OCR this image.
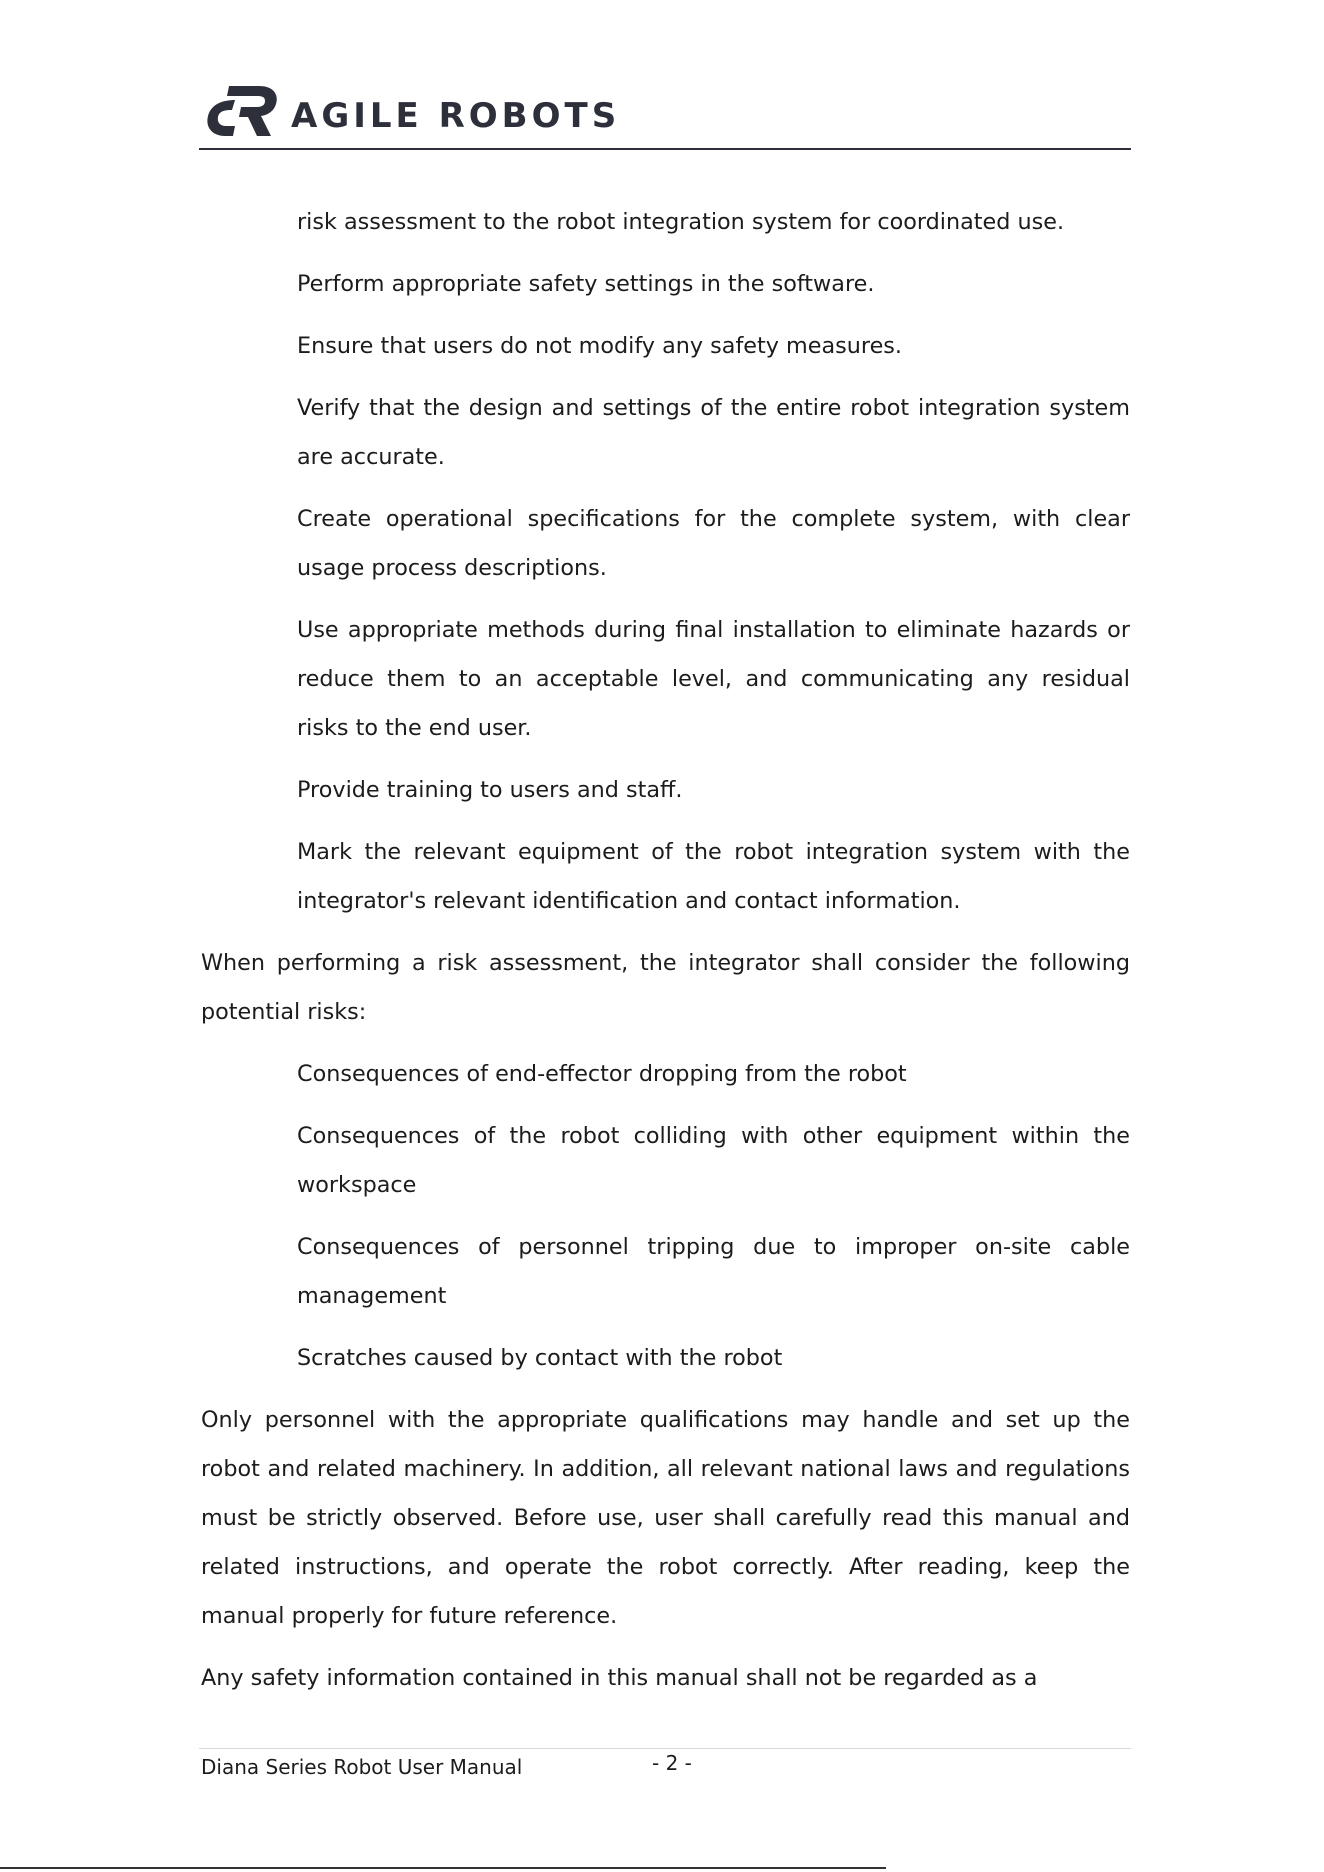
AGILE ROBOTS

risk assessment to the robot integration system for coordinated use.

Perform appropriate safety settings in the software.

Ensure that users do not modify any safety measures.

Verify that the design and settings of the entire robot integration system are accurate.

Create operational specifications for the complete system, with clear usage process descriptions.

Use appropriate methods during final installation to eliminate hazards or reduce them to an acceptable level, and communicating any residual risks to the end user.

Provide training to users and staff.

Mark the relevant equipment of the robot integration system with the integrator's relevant identification and contact information.

When performing a risk assessment, the integrator shall consider the following potential risks:

Consequences of end-effector dropping from the robot

Consequences of the robot colliding with other equipment within the workspace

Consequences of personnel tripping due to improper on-site cable management

Scratches caused by contact with the robot

Only personnel with the appropriate qualifications may handle and set up the robot and related machinery. In addition, all relevant national laws and regulations must be strictly observed. Before use, user shall carefully read this manual and related instructions, and operate the robot correctly. After reading, keep the manual properly for future reference.

Any safety information contained in this manual shall not be regarded as a

Diana Series Robot User Manual	- 2 -
